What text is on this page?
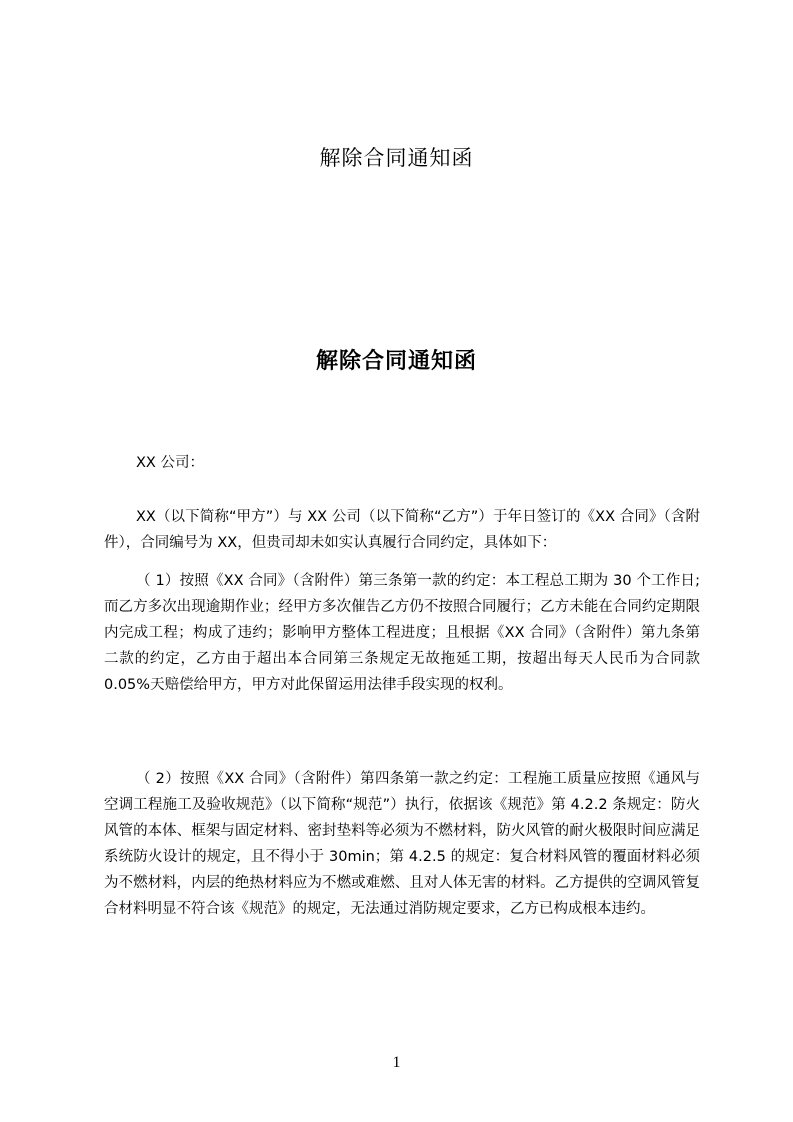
解除合同通知函
解除合同通知函
XX 公司：
XX（以下简称“甲方”）与 XX 公司（以下简称“乙方”）于年日签订的《XX 合同》（含附件），合同编号为 XX，但贵司却未如实认真履行合同约定，具体如下：
（ 1）按照《XX 合同》（含附件）第三条第一款的约定：本工程总工期为 30 个工作日;而乙方多次出现逾期作业；经甲方多次催告乙方仍不按照合同履行；乙方未能在合同约定期限内完成工程；构成了违约；影响甲方整体工程进度；且根据《XX 合同》（含附件）第九条第二款的约定，乙方由于超出本合同第三条规定无故拖延工期，按超出每天人民币为合同款 0.05%天赔偿给甲方，甲方对此保留运用法律手段实现的权利。
（ 2）按照《XX 合同》（含附件）第四条第一款之约定：工程施工质量应按照《通风与空调工程施工及验收规范》（以下简称“规范”）执行，依据该《规范》第 4.2.2 条规定：防火风管的本体、框架与固定材料、密封垫料等必须为不燃材料，防火风管的耐火极限时间应满足系统防火设计的规定，且不得小于 30min；第 4.2.5 的规定：复合材料风管的覆面材料必须为不燃材料，内层的绝热材料应为不燃或难燃、且对人体无害的材料。乙方提供的空调风管复合材料明显不符合该《规范》的规定，无法通过消防规定要求，乙方已构成根本违约。
1
